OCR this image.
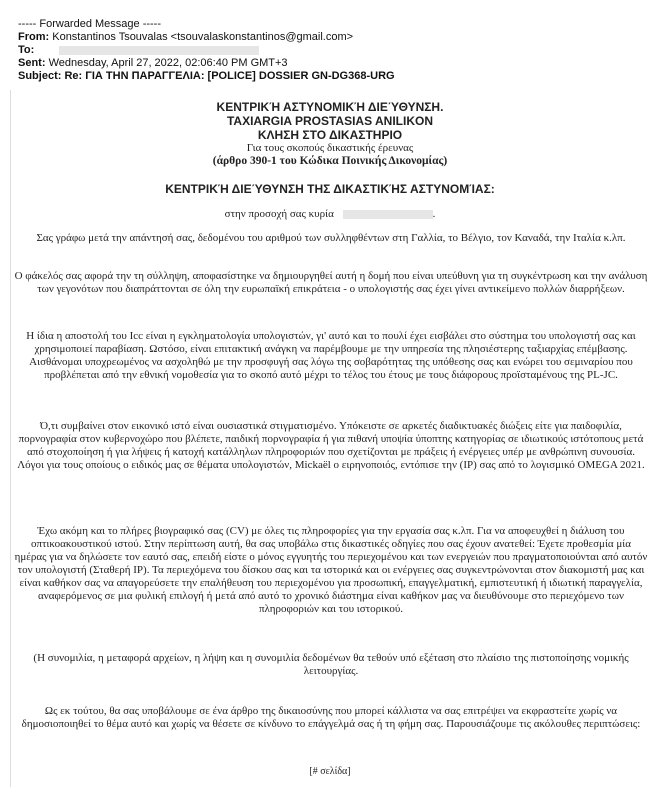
----- Forwarded Message -----
From: Konstantinos Tsouvalas <tsouvalaskonstantinos@gmail.com>
To:
Sent: Wednesday, April 27, 2022, 02:06:40 PM GMT+3
Subject: Re: ΓΙΑ ΤΗΝ ΠΑΡΑΓΓΕΛΙΑ: [POLICE] DOSSIER GN-DG368-URG
ΚΕΝΤΡΙΚΉ ΑΣΤΥΝΟΜΙΚΉ ΔΙΕΎΘΥΝΣΗ.
TAXIARGIA PROSTASIAS ANILIKON
ΚΛΗΣΗ ΣΤΟ ΔΙΚΑΣΤΗΡΙΟ
Για τους σκοπούς δικαστικής έρευνας
(άρθρο 390-1 του Κώδικα Ποινικής Δικονομίας)
ΚΕΝΤΡΙΚΉ ΔΙΕΎΘΥΝΣΗ ΤΗΣ ΔΙΚΑΣΤΙΚΉΣ ΑΣΤΥΝΟΜΊΑΣ:
στην προσοχή σας κυρία	.
Σας γράφω μετά την απάντησή σας, δεδομένου του αριθμού των συλληφθέντων στη Γαλλία, το Βέλγιο, τον Καναδά, την Ιταλία κ.λπ.
Ο φάκελός σας αφορά την τη σύλληψη, αποφασίστηκε να δημιουργηθεί αυτή η δομή που είναι υπεύθυνη για τη συγκέντρωση και την ανάλυση των γεγονότων που διαπράττονται σε όλη την ευρωπαϊκή επικράτεια - ο υπολογιστής σας έχει γίνει αντικείμενο πολλών διαρρήξεων.
Η ίδια η αποστολή του Ιcc είναι η εγκληματολογία υπολογιστών, γι' αυτό και το πουλί έχει εισβάλει στο σύστημα του υπολογιστή σας και χρησιμοποιεί παραβίαση. Ωστόσο, είναι επιτακτική ανάγκη να παρέμβουμε με την υπηρεσία της πλησιέστερης ταξιαρχίας επέμβασης. Αισθάνομαι υποχρεωμένος να ασχοληθώ με την προσφυγή σας λόγω της σοβαρότητας της υπόθεσης σας και ενώρει του σεμιναρίου που προβλέπεται από την εθνική νομοθεσία για το σκοπό αυτό μέχρι το τέλος του έτους με τους διάφορους προϊσταμένους της PL-JC.
Ό,τι συμβαίνει στον εικονικό ιστό είναι ουσιαστικά στιγματισμένο. Υπόκειστε σε αρκετές διαδικτυακές διώξεις είτε για παιδοφιλία, πορνογραφία στον κυβερνοχώρο που βλέπετε, παιδική πορνογραφία ή για πιθανή υποψία ύποπτης κατηγορίας σε ιδιωτικούς ιστότοπους μετά από στοχοποίηση ή για λήψεις ή κατοχή κατάλληλων πληροφοριών που σχετίζονται με πράξεις ή ενέργειες υπέρ με ανθρώπινη συνουσία. Λόγοι για τους οποίους ο ειδικός μας σε θέματα υπολογιστών, Mickaël ο ειρηνοποιός, εντόπισε την (IP) σας από το λογισμικό OMEGA 2021.
Έχω ακόμη και το πλήρες βιογραφικό σας (CV) με όλες τις πληροφορίες για την εργασία σας κ.λπ. Για να αποφευχθεί η διάλυση του οπτικοακουστικού ιστού. Στην περίπτωση αυτή, θα σας υποβάλω στις δικαστικές οδηγίες που σας έχουν ανατεθεί: Έχετε προθεσμία μία ημέρας για να δηλώσετε τον εαυτό σας, επειδή είστε ο μόνος εγγυητής του περιεχομένου και των ενεργειών που πραγματοποιούνται από αυτόν τον υπολογιστή (Σταθερή IP). Τα περιεχόμενα του δίσκου σας και τα ιστορικά και οι ενέργειες σας συγκεντρώνονται στον διακομιστή μας και είναι καθήκον σας να απαγορεύσετε την επαλήθευση του περιεχομένου για προσωπική, επαγγελματική, εμπιστευτική ή ιδιωτική παραγγελία, αναφερόμενος σε μια φυλική επιλογή ή μετά από αυτό το χρονικό διάστημα είναι καθήκον μας να διευθύνουμε στο περιεχόμενο των πληροφοριών και του ιστορικού.
(Η συνομιλία, η μεταφορά αρχείων, η λήψη και η συνομιλία δεδομένων θα τεθούν υπό εξέταση στο πλαίσιο της πιστοποίησης νομικής λειτουργίας.
Ως εκ τούτου, θα σας υποβάλουμε σε ένα άρθρο της δικαιοσύνης που μπορεί κάλλιστα να σας επιτρέψει να εκφραστείτε χωρίς να δημοσιοποιηθεί το θέμα αυτό και χωρίς να θέσετε σε κίνδυνο το επάγγελμά σας ή τη φήμη σας. Παρουσιάζουμε τις ακόλουθες περιπτώσεις:
[# σελίδα]
